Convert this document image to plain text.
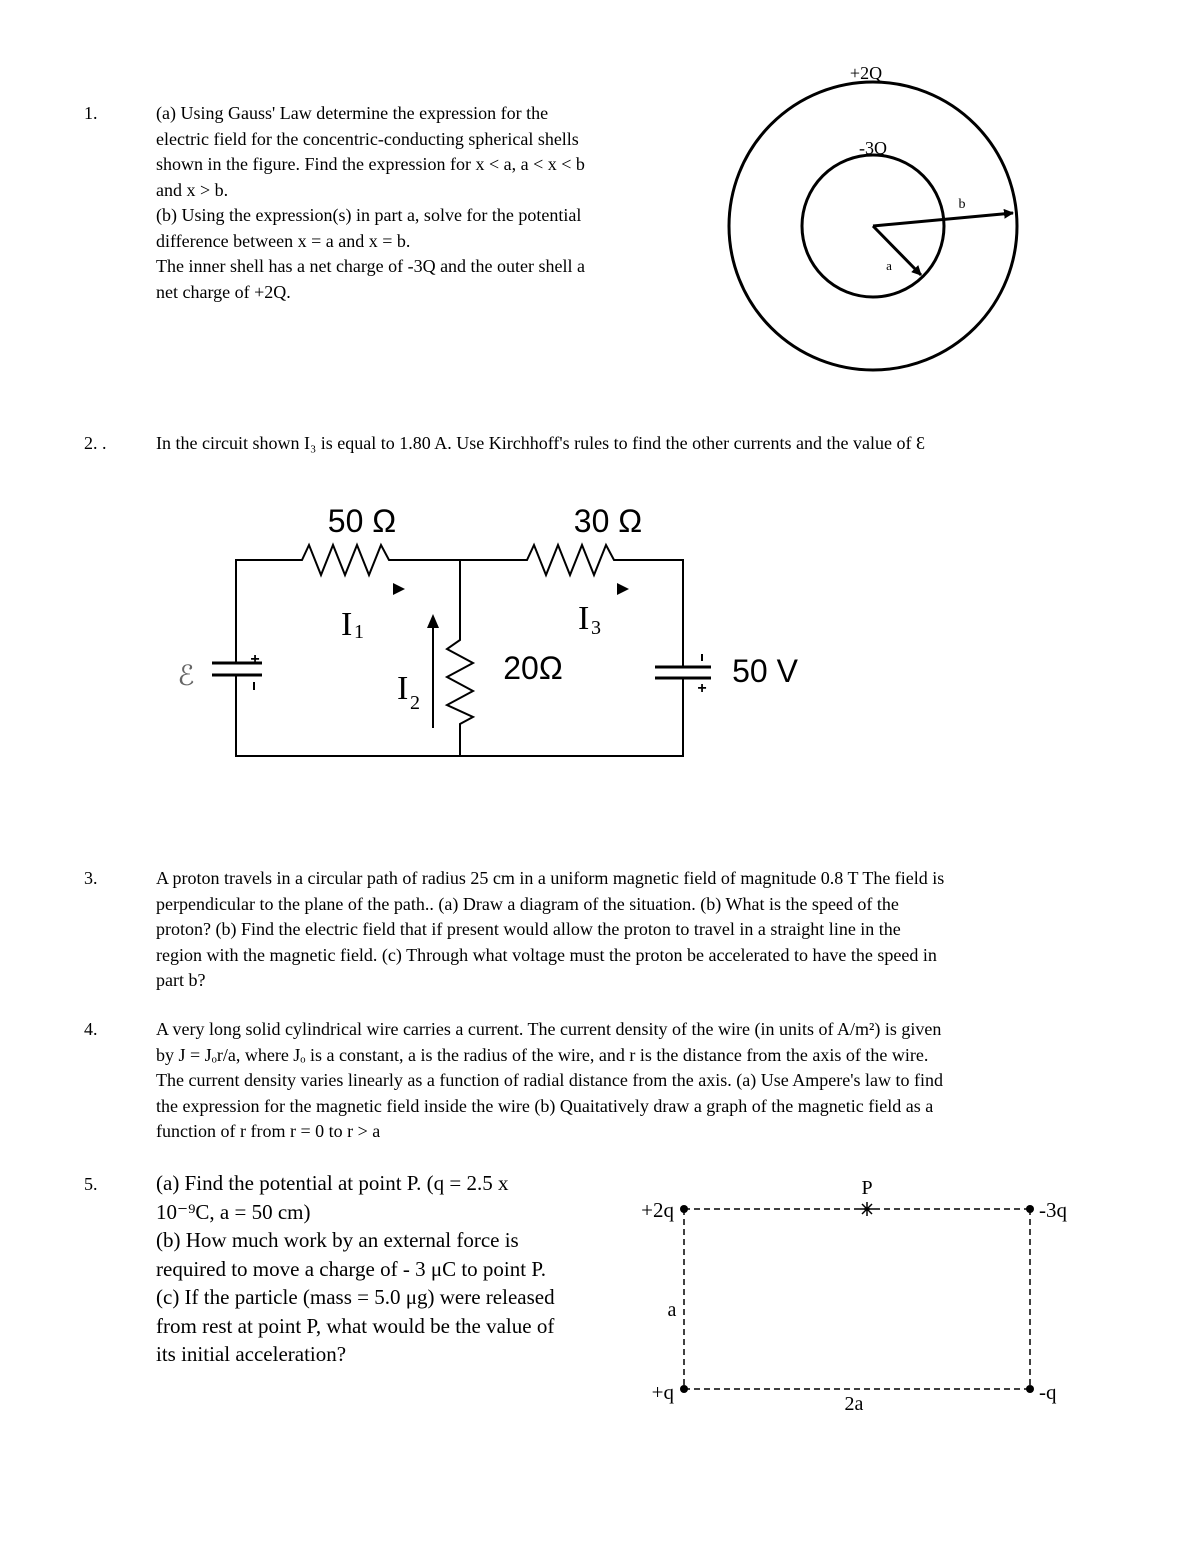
1.	(a) Using Gauss' Law determine the expression for the
electric field for the concentric-conducting spherical shells
shown in the figure. Find the expression for x < a, a < x < b
and x > b.
(b) Using the expression(s) in part a, solve for the potential
difference between x = a and x = b.
The inner shell has a net charge of -3Q and the outer shell a
net charge of +2Q.
2. .	In the circuit shown I₃ is equal to 1.80 A. Use Kirchhoff's rules to find the other currents and the value of Ɛ
3.	A proton travels in a circular path of radius 25 cm in a uniform magnetic field of magnitude 0.8 T The field is
perpendicular to the plane of the path.. (a) Draw a diagram of the situation. (b) What is the speed of the
proton? (b) Find the electric field that if present would allow the proton to travel in a straight line in the
region with the magnetic field. (c) Through what voltage must the proton be accelerated to have the speed in
part b?
4.	A very long solid cylindrical wire carries a current. The current density of the wire (in units of A/m²) is given
by J = Jₒr/a, where Jₒ is a constant, a is the radius of the wire, and r is the distance from the axis of the wire.
The current density varies linearly as a function of radial distance from the axis. (a) Use Ampere's law to find
the expression for the magnetic field inside the wire (b) Quaitatively draw a graph of the magnetic field as a
function of r from r = 0 to r > a
5.	(a) Find the potential at point P. (q = 2.5 x
10⁻⁹C, a = 50 cm)
(b) How much work by an external force is
required to move a charge of - 3 μC to point P.
(c) If the particle (mass = 5.0 μg) were released
from rest at point P, what would be the value of
its initial acceleration?
+2Q
-3Q
b
a
50 Ω	30 Ω
20Ω
I 1	I 3
I 2
ℰ	50 V
+
+
+2q	-3q
+q	-q
P
a
2a
